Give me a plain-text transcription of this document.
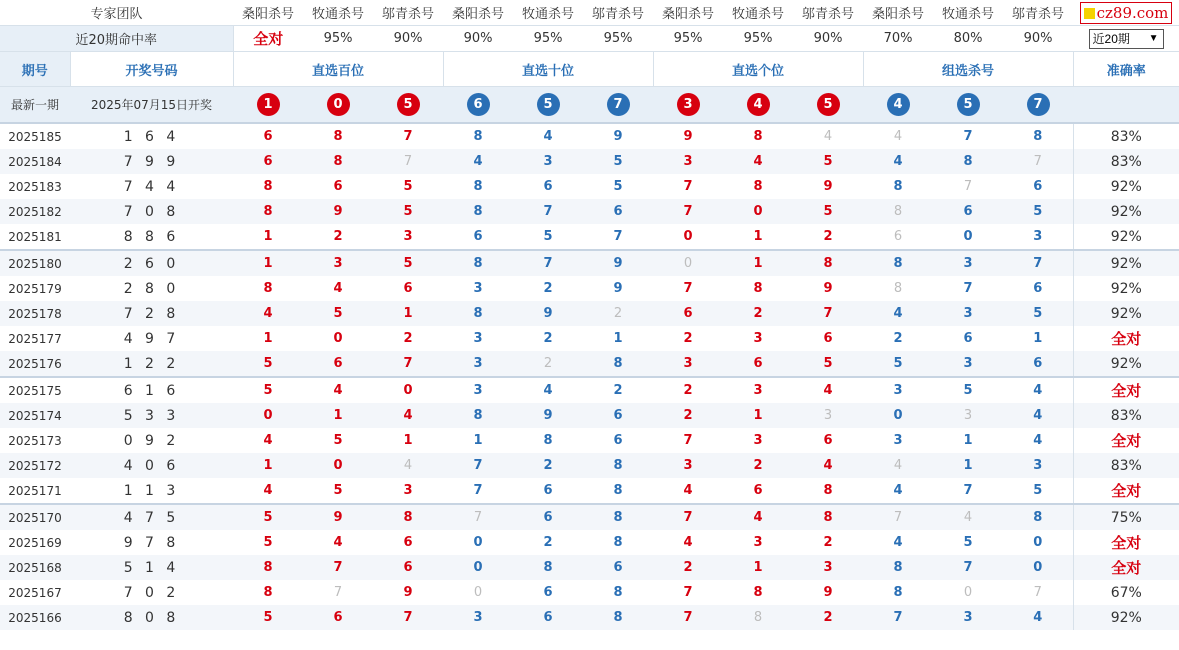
专家团队		桑阳杀号	牧通杀号	邬青杀号	桑阳杀号	牧通杀号	邬青杀号	桑阳杀号	牧通杀号	邬青杀号	桑阳杀号	牧通杀号	邬青杀号	cz89.com
近20期命中率		全对	95%	90%	90%	95%	95%	95%	95%	90%	70%	80%	90%	近20期 ▼

期号	开奖号码	直选百位			直选十位			直选个位			组选杀号			准确率
最新一期	2025年07月15日开奖	1	0	5	6	5	7	3	4	5	4	5	7	
2025185	1 6 4	6	8	7	8	4	9	9	8	4	4	7	8	83%
2025184	7 9 9	6	8	7	4	3	5	3	4	5	4	8	7	83%
2025183	7 4 4	8	6	5	8	6	5	7	8	9	8	7	6	92%
2025182	7 0 8	8	9	5	8	7	6	7	0	5	8	6	5	92%
2025181	8 8 6	1	2	3	6	5	7	0	1	2	6	0	3	92%
2025180	2 6 0	1	3	5	8	7	9	0	1	8	8	3	7	92%
2025179	2 8 0	8	4	6	3	2	9	7	8	9	8	7	6	92%
2025178	7 2 8	4	5	1	8	9	2	6	2	7	4	3	5	92%
2025177	4 9 7	1	0	2	3	2	1	2	3	6	2	6	1	全对
2025176	1 2 2	5	6	7	3	2	8	3	6	5	5	3	6	92%
2025175	6 1 6	5	4	0	3	4	2	2	3	4	3	5	4	全对
2025174	5 3 3	0	1	4	8	9	6	2	1	3	0	3	4	83%
2025173	0 9 2	4	5	1	1	8	6	7	3	6	3	1	4	全对
2025172	4 0 6	1	0	4	7	2	8	3	2	4	4	1	3	83%
2025171	1 1 3	4	5	3	7	6	8	4	6	8	4	7	5	全对
2025170	4 7 5	5	9	8	7	6	8	7	4	8	7	4	8	75%
2025169	9 7 8	5	4	6	0	2	8	4	3	2	4	5	0	全对
2025168	5 1 4	8	7	6	0	8	6	2	1	3	8	7	0	全对
2025167	7 0 2	8	7	9	0	6	8	7	8	9	8	0	7	67%
2025166	8 0 8	5	6	7	3	6	8	7	8	2	7	3	4	92%
